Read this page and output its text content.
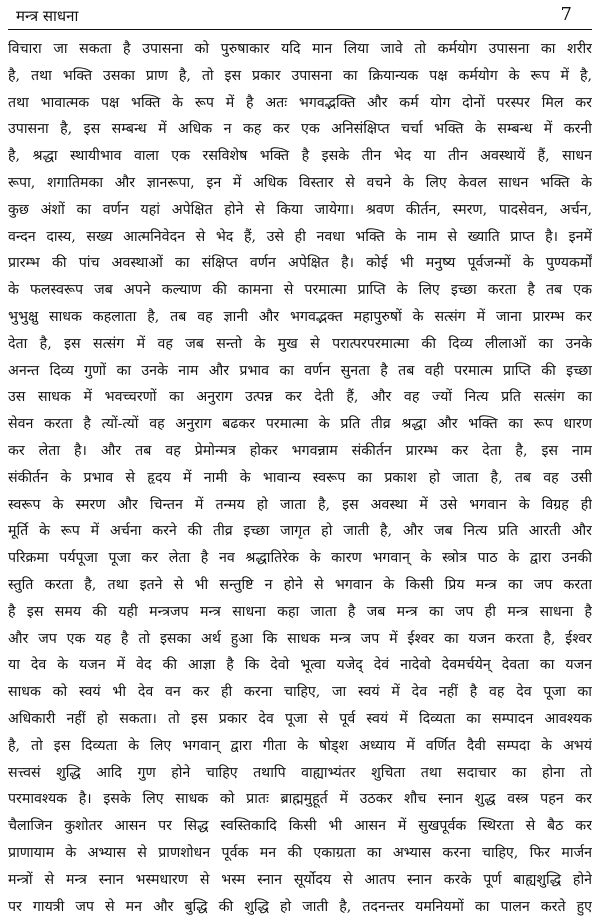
मन्त्र साधना	7
विचारा जा सकता है उपासना को पुरुषाकार यदि मान लिया जावे तो कर्मयोग उपासना का शरीर
है, तथा भक्ति उसका प्राण है, तो इस प्रकार उपासना का क्रियान्यक पक्ष कर्मयोग के रूप में है,
तथा भावात्मक पक्ष भक्ति के रूप में है अतः भगवद्भक्ति और कर्म योग दोनों परस्पर मिल कर
उपासना है, इस सम्बन्ध में अधिक न कह कर एक अनिसंक्षिप्त चर्चा भक्ति के सम्बन्ध में करनी
है, श्रद्धा स्थायीभाव वाला एक रसविशेष भक्ति है इसके तीन भेद या तीन अवस्थायें हैं, साधन
रूपा, शगातिमका और ज्ञानरूपा, इन में अधिक विस्तार से वचने के लिए केवल साधन भक्ति के
कुछ अंशों का वर्णन यहां अपेक्षित होने से किया जायेगा। श्रवण कीर्तन, स्मरण, पादसेवन, अर्चन,
वन्दन दास्य, सख्य आत्मनिवेदन से भेद हैं, उसे ही नवधा भक्ति के नाम से ख्याति प्राप्त है। इनमें
प्रारम्भ की पांच अवस्थाओं का संक्षिप्त वर्णन अपेक्षित है। कोई भी मनुष्य पूर्वजन्मों के पुण्यकर्मों
के फलस्वरूप जब अपने कल्याण की कामना से परमात्मा प्राप्ति के लिए इच्छा करता है तब एक
भुभुक्षु साधक कहलाता है, तब वह ज्ञानी और भगवद्भक्त महापुरुषों के सत्संग में जाना प्रारम्भ कर
देता है, इस सत्संग में वह जब सन्तो के मुख से परात्परपरमात्मा की दिव्य लीलाओं का उनके
अनन्त दिव्य गुणों का उनके नाम और प्रभाव का वर्णन सुनता है तब वही परमात्म प्राप्ति की इच्छा
उस साधक में भवच्चरणों का अनुराग उत्पन्न कर देती हैं, और वह ज्यों नित्य प्रति सत्संग का
सेवन करता है त्यों-त्यों वह अनुराग बढकर परमात्मा के प्रति तीव्र श्रद्धा और भक्ति का रूप धारण
कर लेता है। और तब वह प्रेमोन्मत्र होकर भगवन्नाम संकीर्तन प्रारम्भ कर देता है, इस नाम
संकीर्तन के प्रभाव से हृदय में नामी के भावान्य स्वरूप का प्रकाश हो जाता है, तब वह उसी
स्वरूप के स्मरण और चिन्तन में तन्मय हो जाता है, इस अवस्था में उसे भगवान के विग्रह ही
मूर्ति के रूप में अर्चना करने की तीव्र इच्छा जागृत हो जाती है, और जब नित्य प्रति आरती और
परिक्रमा पर्यपूजा पूजा कर लेता है नव श्रद्धातिरेक के कारण भगवान् के स्त्रोत्र पाठ के द्वारा उनकी
स्तुति करता है, तथा इतने से भी सन्तुष्टि न होने से भगवान के किसी प्रिय मन्त्र का जप करता
है इस समय की यही मन्त्रजप मन्त्र साधना कहा जाता है जब मन्त्र का जप ही मन्त्र साधना है
और जप एक यह है तो इसका अर्थ हुआ कि साधक मन्त्र जप में ईश्वर का यजन करता है, ईश्वर
या देव के यजन में वेद की आज्ञा है कि देवो भूत्वा यजेद् देवं नादेवो देवमर्चयेन् देवता का यजन
साधक को स्वयं भी देव वन कर ही करना चाहिए, जा स्वयं में देव नहीं है वह देव पूजा का
अधिकारी नहीं हो सकता। तो इस प्रकार देव पूजा से पूर्व स्वयं में दिव्यता का सम्पादन आवश्यक
है, तो इस दिव्यता के लिए भगवान् द्वारा गीता के षोड्श अध्याय में वर्णित दैवी सम्पदा के अभयं
सत्त्वसं शुद्धि आदि गुण होने चाहिए तथापि वाह्याभ्यंतर शुचिता तथा सदाचार का होना तो
परमावश्यक है। इसके लिए साधक को प्रातः ब्राह्ममुहूर्त में उठकर शौच स्नान शुद्ध वस्त्र पहन कर
चैलाजिन कुशोतर आसन पर सिद्ध स्वस्तिकादि किसी भी आसन में सुखपूर्वक स्थिरता से बैठ कर
प्राणायाम के अभ्यास से प्राणशोधन पूर्वक मन की एकाग्रता का अभ्यास करना चाहिए, फिर मार्जन
मन्त्रों से मन्त्र स्नान भस्मधारण से भस्म स्नान सूर्योदय से आतप स्नान करके पूर्ण बाह्यशुद्धि होने
पर गायत्री जप से मन और बुद्धि की शुद्धि हो जाती है, तदनन्तर यमनियमों का पालन करते हुए
